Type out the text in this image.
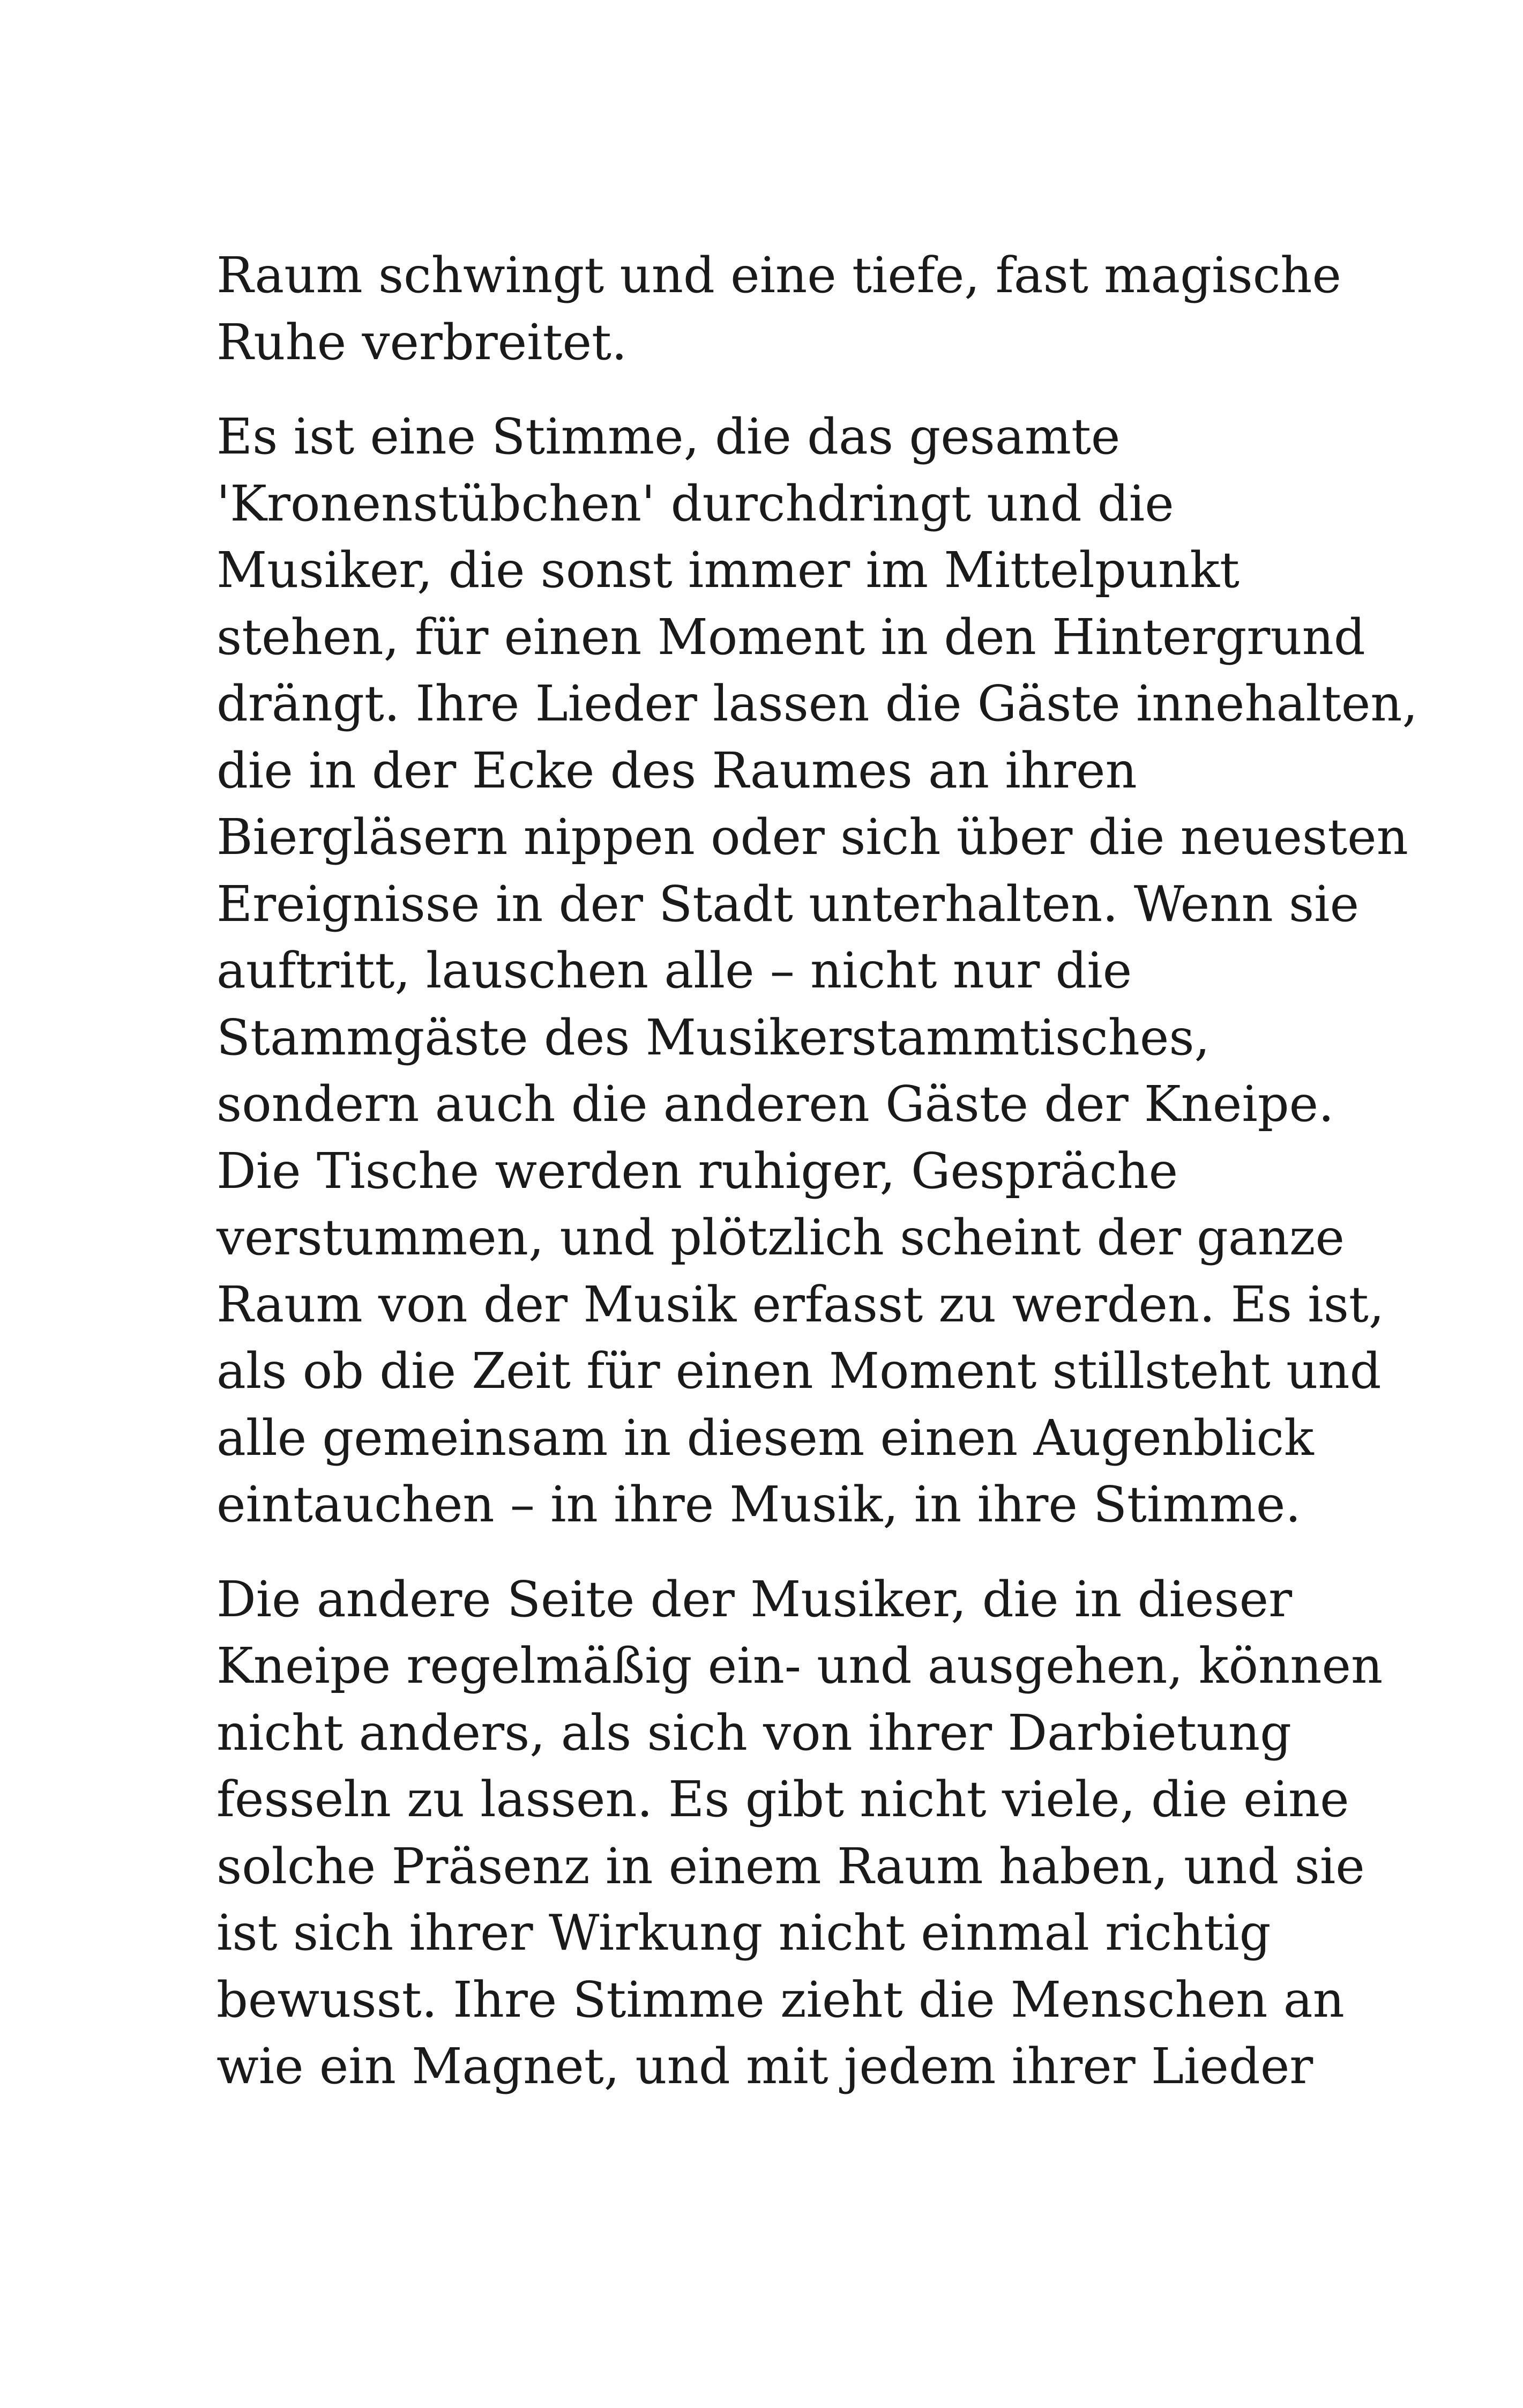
Raum schwingt und eine tiefe, fast magische
Ruhe verbreitet.

Es ist eine Stimme, die das gesamte
'Kronenstübchen' durchdringt und die
Musiker, die sonst immer im Mittelpunkt
stehen, für einen Moment in den Hintergrund
drängt. Ihre Lieder lassen die Gäste innehalten,
die in der Ecke des Raumes an ihren
Biergläsern nippen oder sich über die neuesten
Ereignisse in der Stadt unterhalten. Wenn sie
auftritt, lauschen alle – nicht nur die
Stammgäste des Musikerstammtisches,
sondern auch die anderen Gäste der Kneipe.
Die Tische werden ruhiger, Gespräche
verstummen, und plötzlich scheint der ganze
Raum von der Musik erfasst zu werden. Es ist,
als ob die Zeit für einen Moment stillsteht und
alle gemeinsam in diesem einen Augenblick
eintauchen – in ihre Musik, in ihre Stimme.

Die andere Seite der Musiker, die in dieser
Kneipe regelmäßig ein- und ausgehen, können
nicht anders, als sich von ihrer Darbietung
fesseln zu lassen. Es gibt nicht viele, die eine
solche Präsenz in einem Raum haben, und sie
ist sich ihrer Wirkung nicht einmal richtig
bewusst. Ihre Stimme zieht die Menschen an
wie ein Magnet, und mit jedem ihrer Lieder
